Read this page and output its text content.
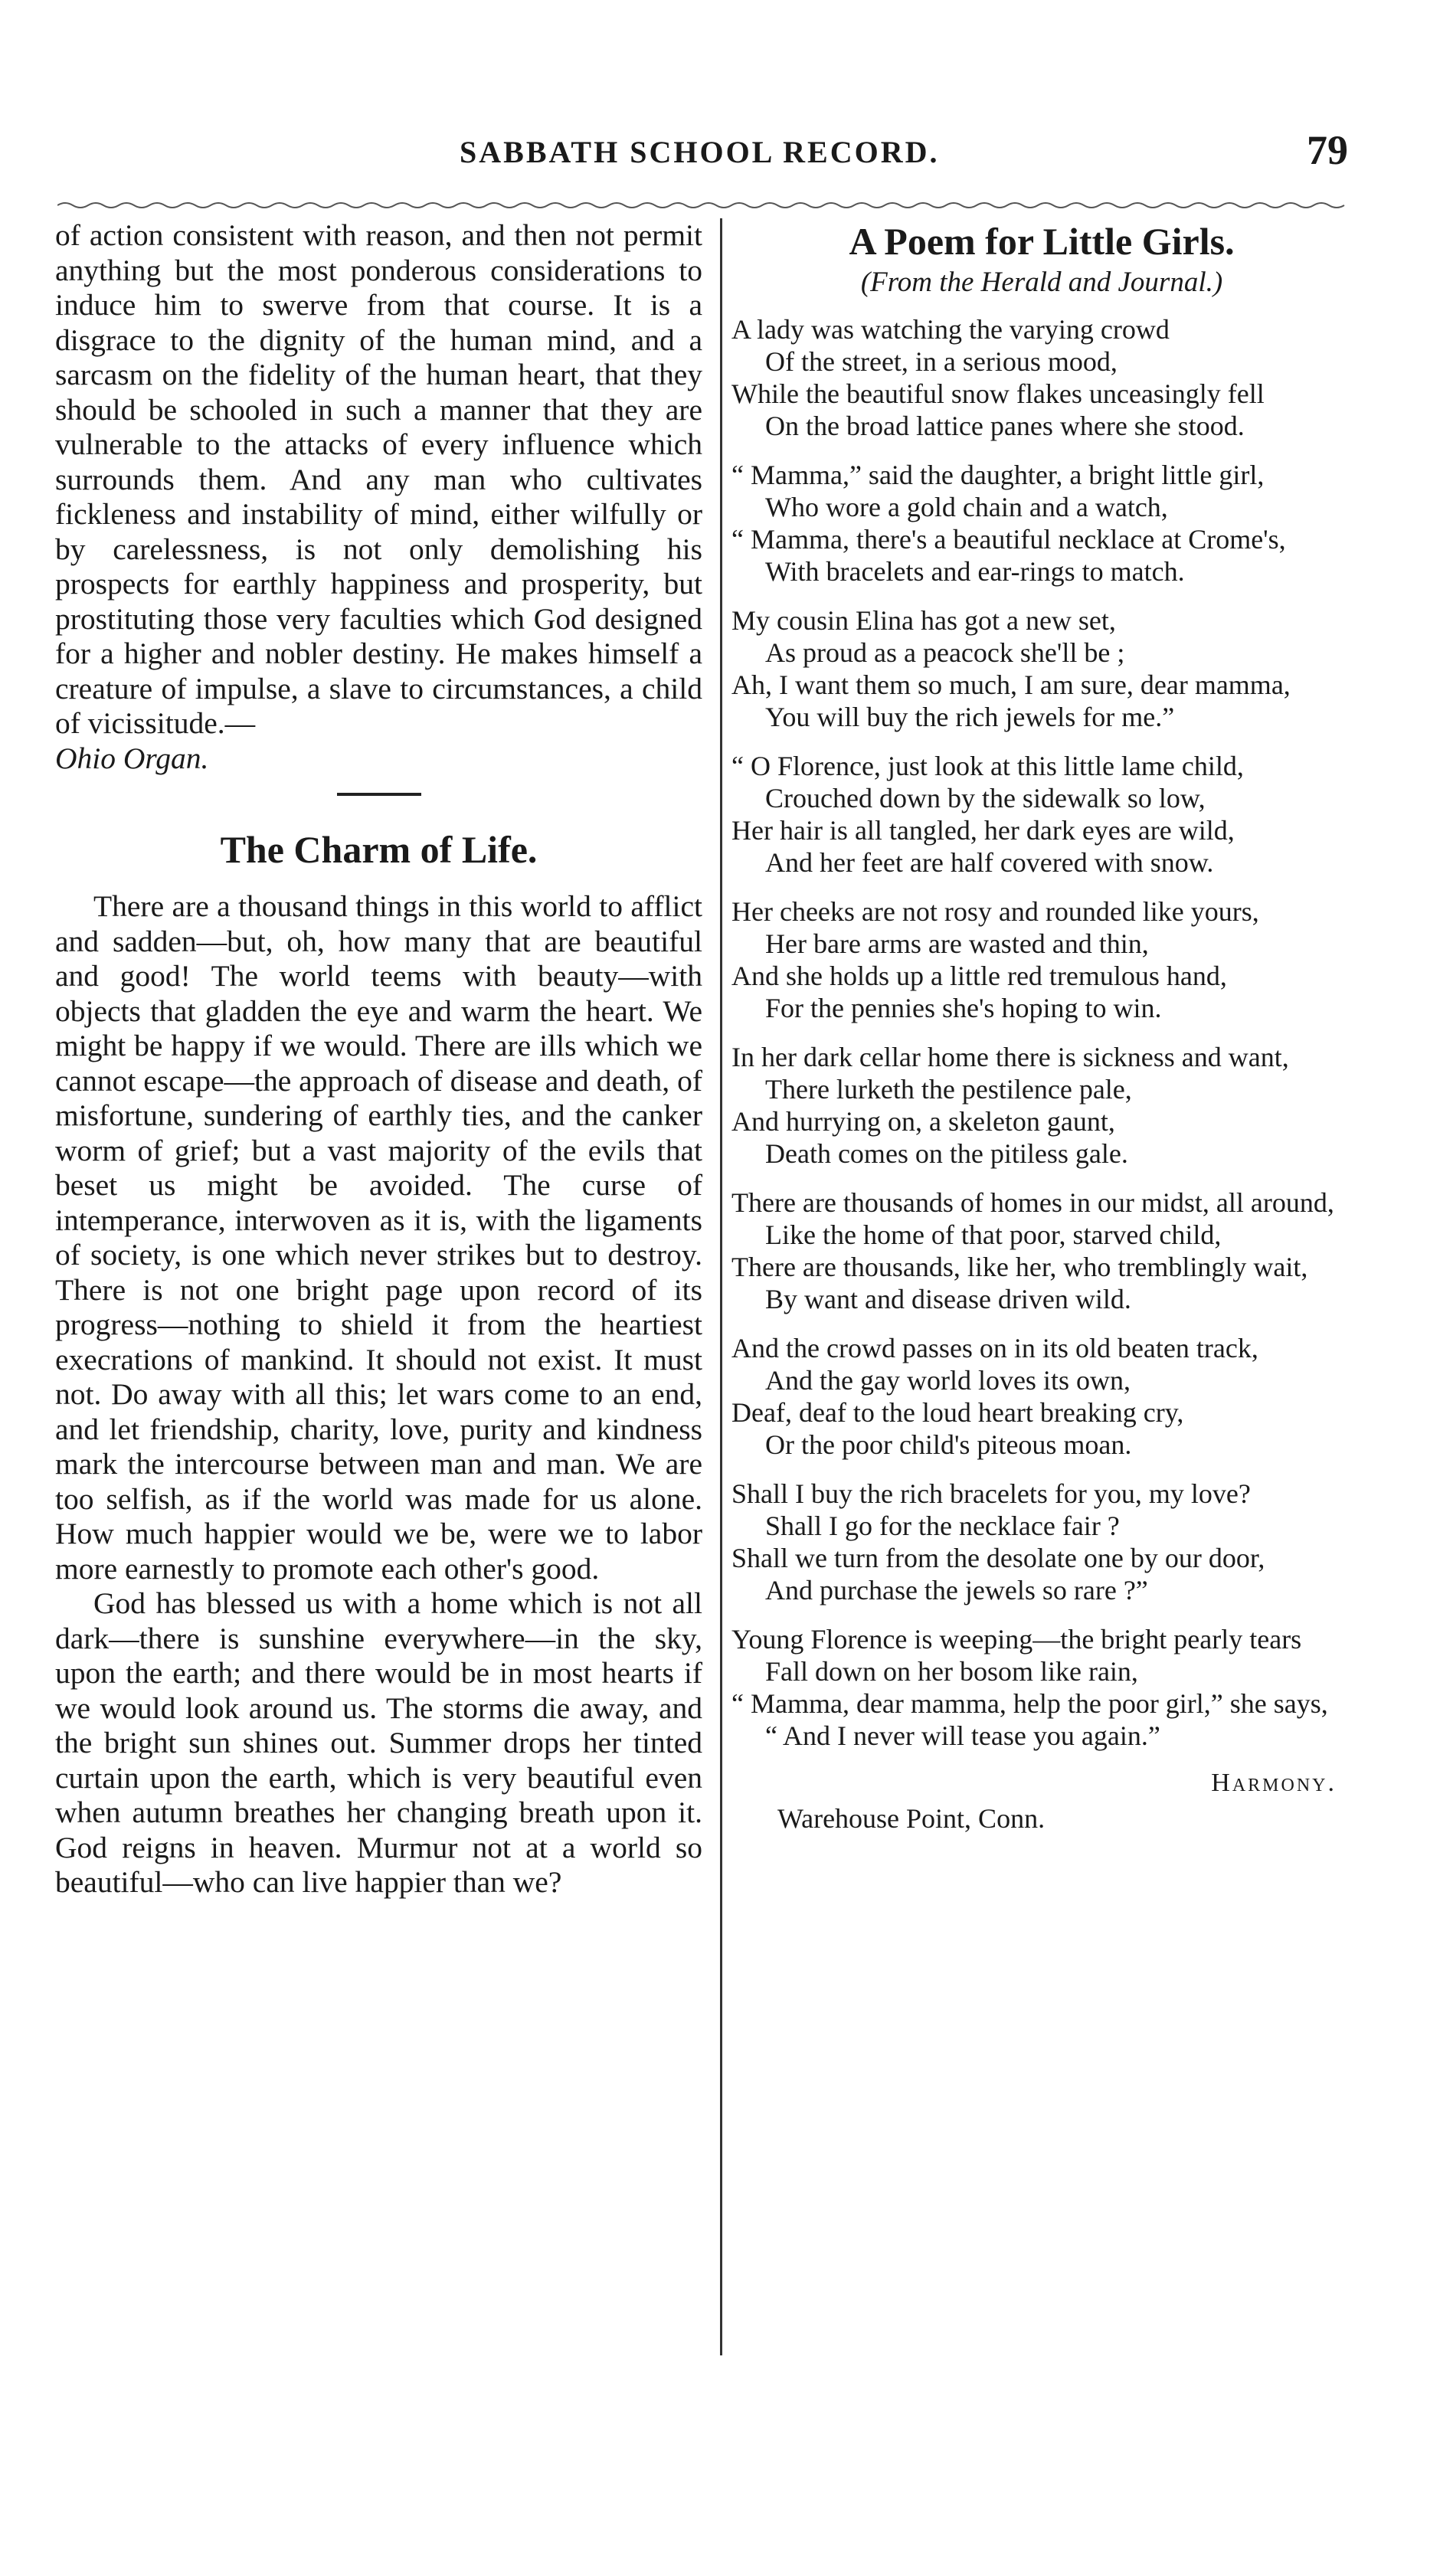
SABBATH SCHOOL RECORD.	79

of action consistent with reason, and then not permit anything but the most ponderous considerations to induce him to swerve from that course. It is a disgrace to the dignity of the human mind, and a sarcasm on the fidelity of the human heart, that they should be schooled in such a manner that they are vulnerable to the attacks of every influence which surrounds them. And any man who cultivates fickleness and instability of mind, either wilfully or by carelessness, is not only demolishing his prospects for earthly happiness and prosperity, but prostituting those very faculties which God designed for a higher and nobler destiny. He makes himself a creature of impulse, a slave to circumstances, a child of vicissitude.—

Ohio Organ.

The Charm of Life.

There are a thousand things in this world to afflict and sadden—but, oh, how many that are beautiful and good! The world teems with beauty—with objects that gladden the eye and warm the heart. We might be happy if we would. There are ills which we cannot escape—the approach of disease and death, of misfortune, sundering of earthly ties, and the canker worm of grief; but a vast majority of the evils that beset us might be avoided. The curse of intemperance, interwoven as it is, with the ligaments of society, is one which never strikes but to destroy. There is not one bright page upon record of its progress—nothing to shield it from the heartiest execrations of mankind. It should not exist. It must not. Do away with all this; let wars come to an end, and let friendship, charity, love, purity and kindness mark the intercourse between man and man. We are too selfish, as if the world was made for us alone. How much happier would we be, were we to labor more earnestly to promote each other's good.

God has blessed us with a home which is not all dark—there is sunshine everywhere—in the sky, upon the earth; and there would be in most hearts if we would look around us. The storms die away, and the bright sun shines out. Summer drops her tinted curtain upon the earth, which is very beautiful even when autumn breathes her changing breath upon it. God reigns in heaven. Murmur not at a world so beautiful—who can live happier than we?

A Poem for Little Girls.

(From the Herald and Journal.)

A lady was watching the varying crowd

Of the street, in a serious mood,

While the beautiful snow flakes unceasingly fell

On the broad lattice panes where she stood.

“ Mamma,” said the daughter, a bright little girl,

Who wore a gold chain and a watch,

“ Mamma, there's a beautiful necklace at Crome's,

With bracelets and ear-rings to match.

My cousin Elina has got a new set,

As proud as a peacock she'll be ;

Ah, I want them so much, I am sure, dear mamma,

You will buy the rich jewels for me.”

“ O Florence, just look at this little lame child,

Crouched down by the sidewalk so low,

Her hair is all tangled, her dark eyes are wild,

And her feet are half covered with snow.

Her cheeks are not rosy and rounded like yours,

Her bare arms are wasted and thin,

And she holds up a little red tremulous hand,

For the pennies she's hoping to win.

In her dark cellar home there is sickness and want,

There lurketh the pestilence pale,

And hurrying on, a skeleton gaunt,

Death comes on the pitiless gale.

There are thousands of homes in our midst, all around,

Like the home of that poor, starved child,

There are thousands, like her, who tremblingly wait,

By want and disease driven wild.

And the crowd passes on in its old beaten track,

And the gay world loves its own,

Deaf, deaf to the loud heart breaking cry,

Or the poor child's piteous moan.

Shall I buy the rich bracelets for you, my love?

Shall I go for the necklace fair ?

Shall we turn from the desolate one by our door,

And purchase the jewels so rare ?”

Young Florence is weeping—the bright pearly tears

Fall down on her bosom like rain,

“ Mamma, dear mamma, help the poor girl,” she says,

“ And I never will tease you again.”

Harmony.

Warehouse Point, Conn.
